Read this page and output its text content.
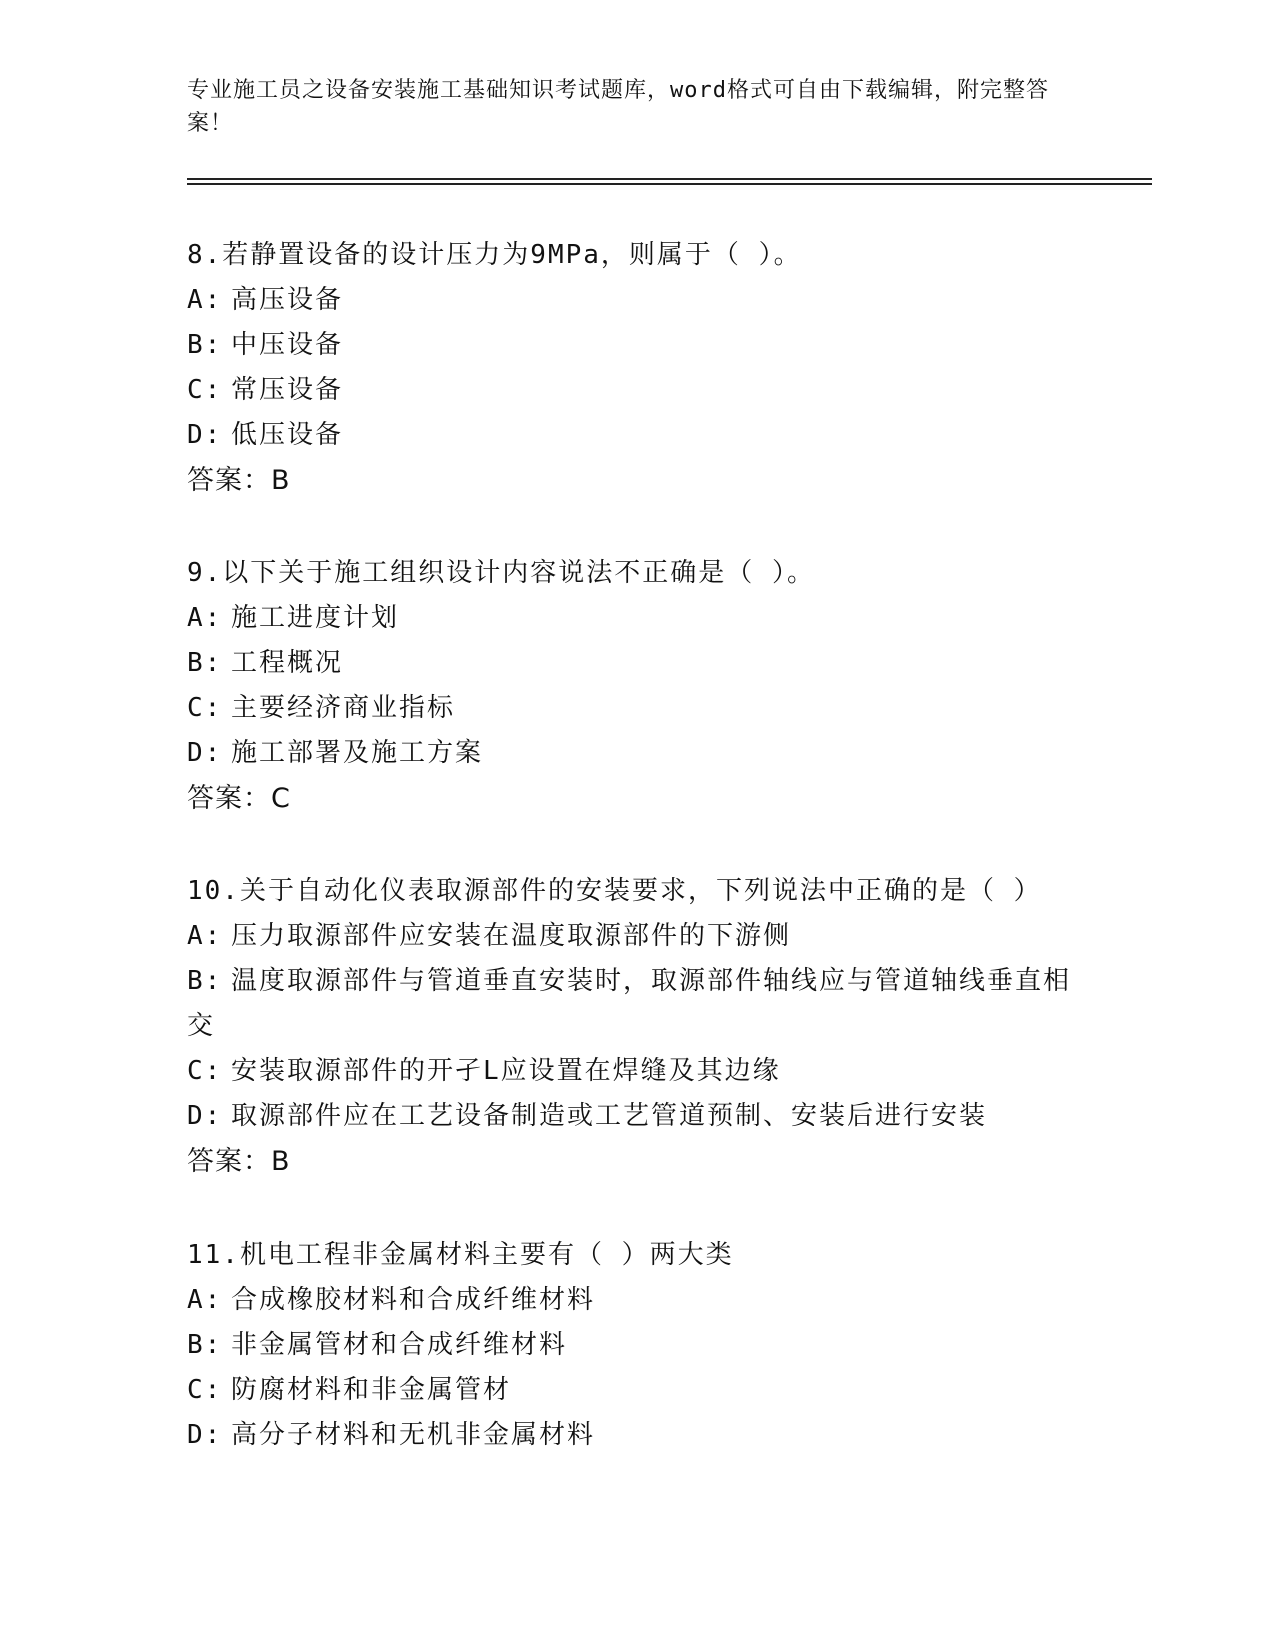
专业施工员之设备安装施工基础知识考试题库，word格式可自由下载编辑，附完整答案！
8.若静置设备的设计压力为9MPa，则属于（ ）。
A: 高压设备
B: 中压设备
C: 常压设备
D: 低压设备
答案：B
9.以下关于施工组织设计内容说法不正确是（ ）。
A: 施工进度计划
B: 工程概况
C: 主要经济商业指标
D: 施工部署及施工方案
答案：C
10.关于自动化仪表取源部件的安装要求，下列说法中正确的是（ ）
A: 压力取源部件应安装在温度取源部件的下游侧
B: 温度取源部件与管道垂直安装时，取源部件轴线应与管道轴线垂直相交
C: 安装取源部件的开孑L应设置在焊缝及其边缘
D: 取源部件应在工艺设备制造或工艺管道预制、安装后进行安装
答案：B
11.机电工程非金属材料主要有（ ）两大类
A: 合成橡胶材料和合成纤维材料
B: 非金属管材和合成纤维材料
C: 防腐材料和非金属管材
D: 高分子材料和无机非金属材料
